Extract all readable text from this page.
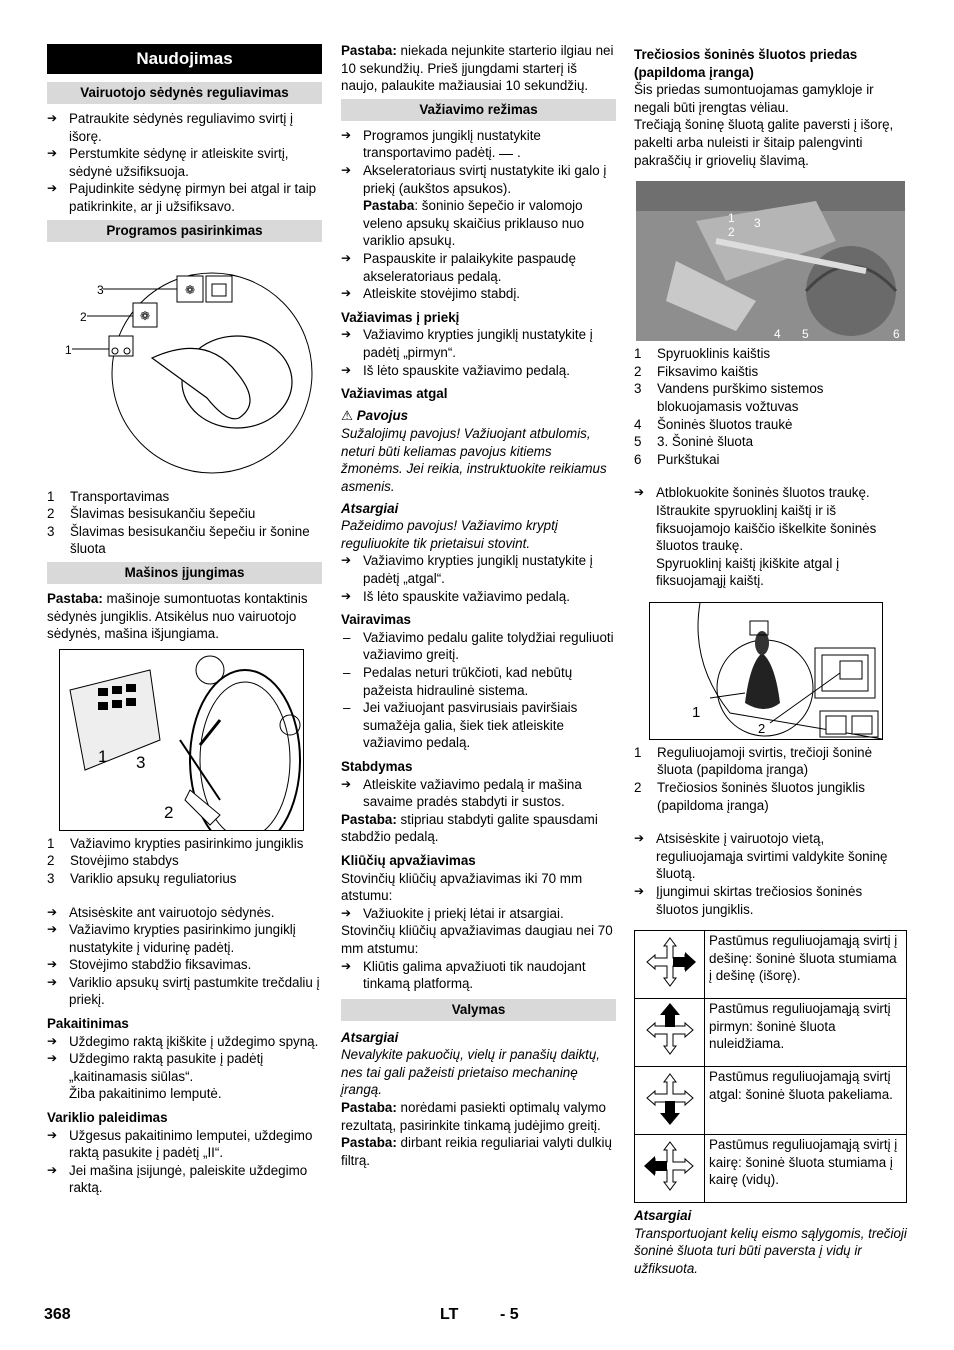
Naudojimas
Vairuotojo sėdynės reguliavimas
➔ Patraukite sėdynės reguliavimo svirtį į išorę.
➔ Perstumkite sėdynę ir atleiskite svirtį, sėdynė užsifiksuoja.
➔ Pajudinkite sėdynę pirmyn bei atgal ir taip patikrinkite, ar ji užsifiksavo.
Programos pasirinkimas
❁
❁
3
2
1
1	Transportavimas
2	Šlavimas besisukančiu šepečiu
3	Šlavimas besisukančiu šepečiu ir šonine šluota
Mašinos įjungimas
Pastaba: mašinoje sumontuotas kontaktinis sėdynės jungiklis. Atsikėlus nuo vairuotojo sėdynės, mašina išjungiama.
1 3
2
1	Važiavimo krypties pasirinkimo jungiklis
2	Stovėjimo stabdys
3	Variklio apsukų reguliatorius
➔ Atsisėskite ant vairuotojo sėdynės.
➔ Važiavimo krypties pasirinkimo jungiklį nustatykite į vidurinę padėtį.
➔ Stovėjimo stabdžio fiksavimas.
➔ Variklio apsukų svirtį pastumkite trečdaliu į priekį.
Pakaitinimas
➔ Uždegimo raktą įkiškite į uždegimo spyną.
➔ Uždegimo raktą pasukite į padėtį „kaitinamasis siūlas“.
Žiba pakaitinimo lemputė.
Variklio paleidimas
➔ Užgesus pakaitinimo lemputei, uždegimo raktą pasukite į padėtį „II“.
➔ Jei mašina įsijungė, paleiskite uždegimo raktą.
Pastaba: niekada nejunkite starterio ilgiau nei 10 sekundžių. Prieš įjungdami starterį iš naujo, palaukite mažiausiai 10 sekundžių.
Važiavimo režimas
➔ Programos jungiklį nustatykite transportavimo padėtį.  .
➔ Akseleratoriaus svirtį nustatykite iki galo į priekį (aukštos apsukos).
Pastaba: šoninio šepečio ir valomojo veleno apsukų skaičius priklauso nuo variklio apsukų.
➔ Paspauskite ir palaikykite paspaudę akseleratoriaus pedalą.
➔ Atleiskite stovėjimo stabdį.
Važiavimas į priekį
➔ Važiavimo krypties jungiklį nustatykite į padėtį „pirmyn“.
➔ Iš lėto spauskite važiavimo pedalą.
Važiavimas atgal
⚠ Pavojus
Sužalojimų pavojus! Važiuojant atbulomis, neturi būti keliamas pavojus kitiems žmonėms. Jei reikia, instruktuokite reikiamus asmenis.
Atsargiai
Pažeidimo pavojus! Važiavimo kryptį reguliuokite tik prietaisui stovint.
➔ Važiavimo krypties jungiklį nustatykite į padėtį „atgal“.
➔ Iš lėto spauskite važiavimo pedalą.
Vairavimas
– Važiavimo pedalu galite tolydžiai reguliuoti važiavimo greitį.
– Pedalas neturi trūkčioti, kad nebūtų pažeista hidraulinė sistema.
– Jei važiuojant pasvirusiais paviršiais sumažėja galia, šiek tiek atleiskite važiavimo pedalą.
Stabdymas
➔ Atleiskite važiavimo pedalą ir mašina savaime pradės stabdyti ir sustos.
Pastaba: stipriau stabdyti galite spausdami stabdžio pedalą.
Kliūčių apvažiavimas
Stovinčių kliūčių apvažiavimas iki 70 mm atstumu:
➔ Važiuokite į priekį lėtai ir atsargiai.
Stovinčių kliūčių apvažiavimas daugiau nei 70 mm atstumu:
➔ Kliūtis galima apvažiuoti tik naudojant tinkamą platformą.
Valymas
Atsargiai
Nevalykite pakuočių, vielų ir panašių daiktų, nes tai gali pažeisti prietaiso mechaninę įrangą.
Pastaba: norėdami pasiekti optimalų valymo rezultatą, pasirinkite tinkamą judėjimo greitį.
Pastaba: dirbant reikia reguliariai valyti dulkių filtrą.
Trečiosios šoninės šluotos priedas (papildoma įranga)
Šis priedas sumontuojamas gamykloje ir negali būti įrengtas vėliau.
Trečiąją šoninę šluotą galite paversti į išorę, pakelti arba nuleisti ir šitaip palengvinti pakraščių ir griovelių šlavimą.
1
2
3
4 5	6
1	Spyruoklinis kaištis
2	Fiksavimo kaištis
3	Vandens purškimo sistemos blokuojamasis vožtuvas
4	Šoninės šluotos traukė
5	3. Šoninė šluota
6	Purkštukai
➔ Atblokuokite šoninės šluotos traukę. Ištraukite spyruoklinį kaištį ir iš fiksuojamojo kaiščio iškelkite šoninės šluotos traukę.
Spyruoklinį kaištį įkiškite atgal į fiksuojamąjį kaištį.
1
2
1	Reguliuojamoji svirtis, trečioji šoninė šluota (papildoma įranga)
2	Trečiosios šoninės šluotos jungiklis (papildoma įranga)
➔ Atsisėskite į vairuotojo vietą, reguliuojamąja svirtimi valdykite šoninę šluotą.
➔ Įjungimui skirtas trečiosios šoninės šluotos jungiklis.
	Pastūmus reguliuojamąją svirtį į dešinę: šoninė šluota stumiama į dešinę (išorę).
	Pastūmus reguliuojamąją svirtį pirmyn: šoninė šluota nuleidžiama.
	Pastūmus reguliuojamąją svirtį atgal: šoninė šluota pakeliama.
	Pastūmus reguliuojamąją svirtį į kairę: šoninė šluota stumiama į kairę (vidų).
Atsargiai
Transportuojant kelių eismo sąlygomis, trečioji šoninė šluota turi būti paversta į vidų ir užfiksuota.
368	LT	- 5
